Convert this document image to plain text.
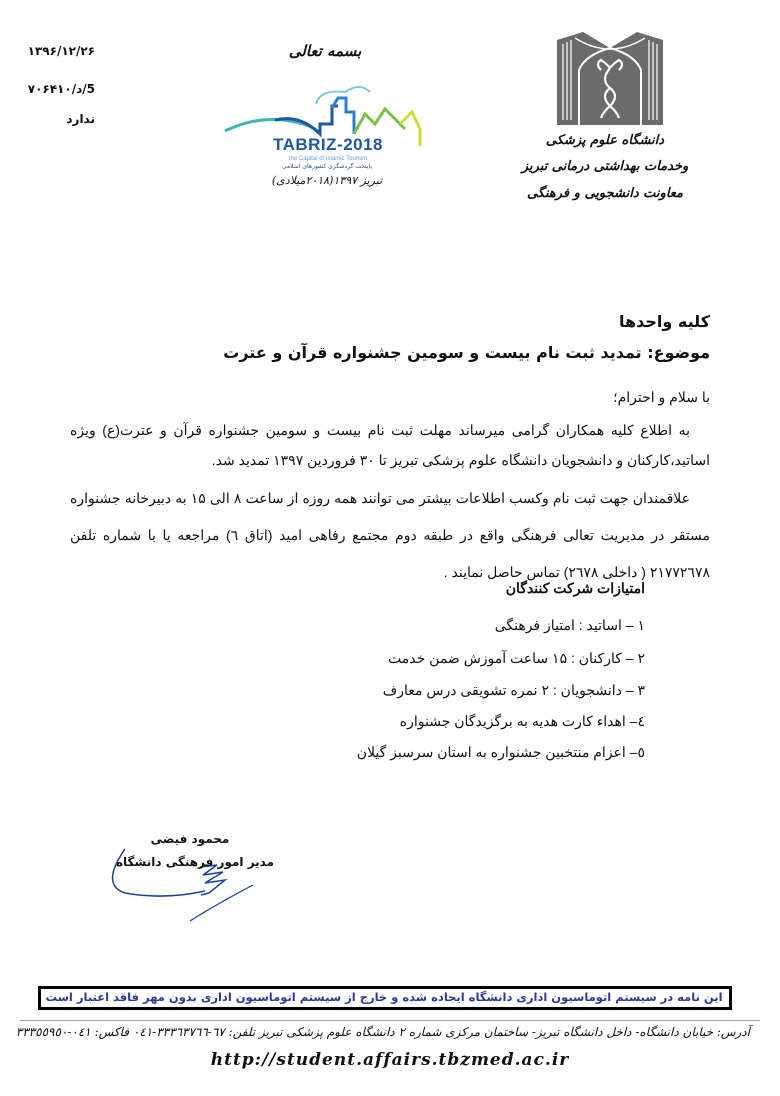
۱۳۹۶/۱۲/۲۶
5/د/۷۰۶۴۱۰
ندارد
بسمه تعالی
TABRIZ-2018
the Capital of Islamic Tourism
پایتخت گردشگری کشورهای اسلامی
تبریز ۱۳۹۷(۲۰۱۸میلادی)
دانشگاه علوم پزشکی
وخدمات بهداشتی درمانی تبریز
معاونت دانشجویی و فرهنگی
کلیه واحدها
موضوع: تمدید ثبت نام بیست و سومین جشنواره قرآن و عترت
با سلام و احترام؛
به اطلاع کلیه همکاران گرامی میرساند مهلت ثبت نام بیست و سومین جشنواره قرآن و عترت(ع) ویژه اساتید،کارکنان و دانشجویان دانشگاه علوم پزشکی تبریز تا ۳۰ فروردین ۱۳۹۷ تمدید شد.
علاقمندان جهت ثبت نام وکسب اطلاعات بیشتر می توانند همه روزه از ساعت ۸ الی ۱۵ به دبیرخانه جشنواره مستقر در مدیریت تعالی فرهنگی واقع در طبقه دوم مجتمع رفاهی امید (اتاق ٦) مراجعه یا با شماره تلفن ۲۱۷۷۲٦۷۸ ( داخلی ۲٦۷۸) تماس حاصل نمایند .
امتیازات شرکت کنندگان
۱ – اساتید : امتیاز فرهنگی
۲ – کارکنان : ۱۵ ساعت آموزش ضمن خدمت
۳ – دانشجویان : ۲ نمره تشویقی درس معارف
٤– اهداء کارت هدیه به برگزیدگان جشنواره
٥– اعزام منتخبین جشنواره به استان سرسبز گیلان
محمود فیضی
مدیر امور فرهنگی دانشگاه
این نامه در سیستم اتوماسیون اداری دانشگاه ایجاده شده و خارج از سیستم اتوماسیون اداری بدون مهر فاقد اعتبار است
آدرس: خیابان دانشگاه- داخل دانشگاه تبریز- ساختمان مرکزی شماره ۲ دانشگاه علوم پزشکی تبریز تلفن: ٦۷-۳۳۳٦۳۷٦٦-۰٤۱ فاکس: ۰٤۱-۳۳۳٥٥۹٥۰
http://student.affairs.tbzmed.ac.ir
